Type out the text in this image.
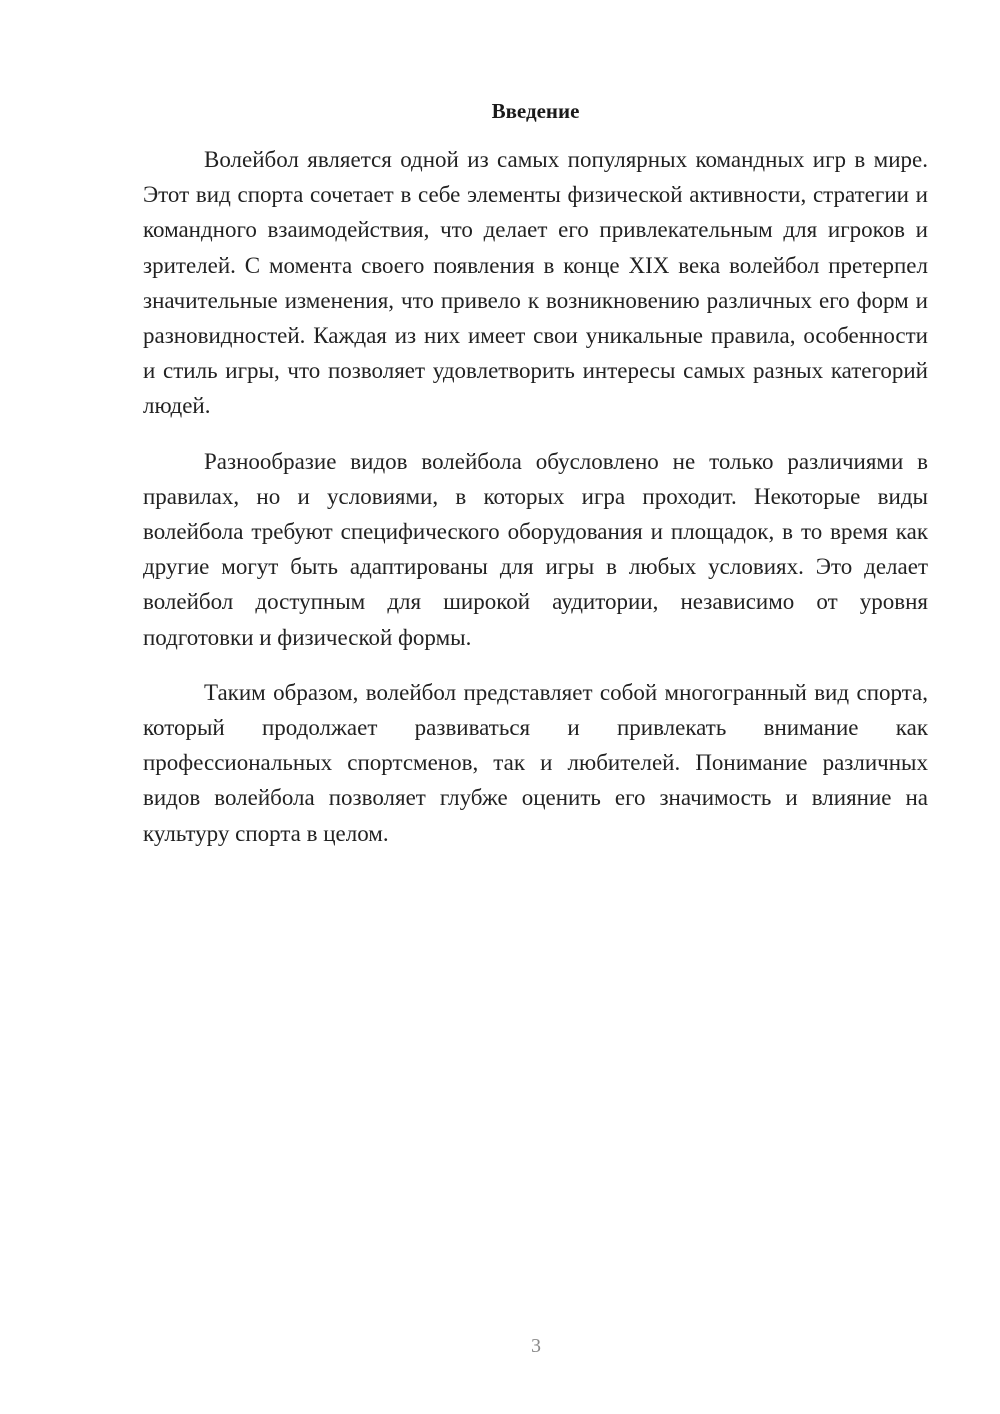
Введение

Волейбол является одной из самых популярных командных игр в мире. Этот вид спорта сочетает в себе элементы физической активности, стратегии и командного взаимодействия, что делает его привлекательным для игроков и зрителей. С момента своего появления в конце XIX века волейбол претерпел значительные изменения, что привело к возникновению различных его форм и разновидностей. Каждая из них имеет свои уникальные правила, особенности и стиль игры, что позволяет удовлетворить интересы самых разных категорий людей.

Разнообразие видов волейбола обусловлено не только различиями в правилах, но и условиями, в которых игра проходит. Некоторые виды волейбола требуют специфического оборудования и площадок, в то время как другие могут быть адаптированы для игры в любых условиях. Это делает волейбол доступным для широкой аудитории, независимо от уровня подготовки и физической формы.

Таким образом, волейбол представляет собой многогранный вид спорта, который продолжает развиваться и привлекать внимание как профессиональных спортсменов, так и любителей. Понимание различных видов волейбола позволяет глубже оценить его значимость и влияние на культуру спорта в целом.

3
